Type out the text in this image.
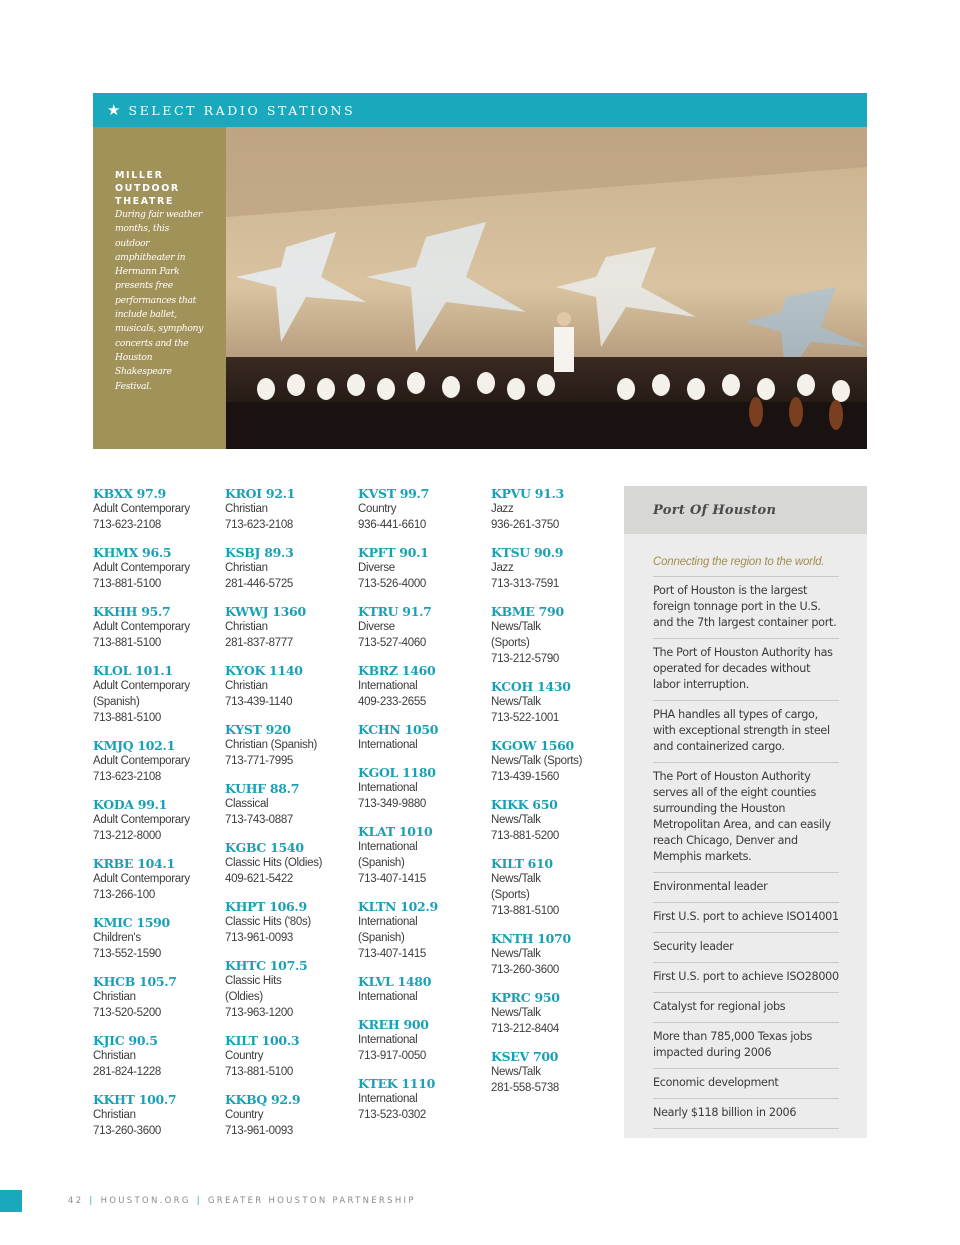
★ SELECT RADIO STATIONS
MILLER OUTDOOR THEATRE
During fair weather months, this outdoor amphitheater in Hermann Park presents free performances that include ballet, musicals, symphony concerts and the Houston Shakespeare Festival.
KBXX 97.9
Adult Contemporary
713-623-2108
KHMX 96.5
Adult Contemporary
713-881-5100
KKHH 95.7
Adult Contemporary
713-881-5100
KLOL 101.1
Adult Contemporary
(Spanish)
713-881-5100
KMJQ 102.1
Adult Contemporary
713-623-2108
KODA 99.1
Adult Contemporary
713-212-8000
KRBE 104.1
Adult Contemporary
713-266-100
KMIC 1590
Children's
713-552-1590
KHCB 105.7
Christian
713-520-5200
KJIC 90.5
Christian
281-824-1228
KKHT 100.7
Christian
713-260-3600
KROI 92.1
Christian
713-623-2108
KSBJ 89.3
Christian
281-446-5725
KWWJ 1360
Christian
281-837-8777
KYOK 1140
Christian
713-439-1140
KYST 920
Christian (Spanish)
713-771-7995
KUHF 88.7
Classical
713-743-0887
KGBC 1540
Classic Hits (Oldies)
409-621-5422
KHPT 106.9
Classic Hits ('80s)
713-961-0093
KHTC 107.5
Classic Hits
(Oldies)
713-963-1200
KILT 100.3
Country
713-881-5100
KKBQ 92.9
Country
713-961-0093
KVST 99.7
Country
936-441-6610
KPFT 90.1
Diverse
713-526-4000
KTRU 91.7
Diverse
713-527-4060
KBRZ 1460
International
409-233-2655
KCHN 1050
International
KGOL 1180
International
713-349-9880
KLAT 1010
International
(Spanish)
713-407-1415
KLTN 102.9
International
(Spanish)
713-407-1415
KLVL 1480
International
KREH 900
International
713-917-0050
KTEK 1110
International
713-523-0302
KPVU 91.3
Jazz
936-261-3750
KTSU 90.9
Jazz
713-313-7591
KBME 790
News/Talk
(Sports)
713-212-5790
KCOH 1430
News/Talk
713-522-1001
KGOW 1560
News/Talk (Sports)
713-439-1560
KIKK 650
News/Talk
713-881-5200
KILT 610
News/Talk
(Sports)
713-881-5100
KNTH 1070
News/Talk
713-260-3600
KPRC 950
News/Talk
713-212-8404
KSEV 700
News/Talk
281-558-5738
Port Of Houston
Connecting the region to the world.
Port of Houston is the largest foreign tonnage port in the U.S. and the 7th largest container port.
The Port of Houston Authority has operated for decades without labor interruption.
PHA handles all types of cargo, with exceptional strength in steel and containerized cargo.
The Port of Houston Authority serves all of the eight counties surrounding the Houston Metropolitan Area, and can easily reach Chicago, Denver and Memphis markets.
Environmental leader
First U.S. port to achieve ISO14001
Security leader
First U.S. port to achieve ISO28000
Catalyst for regional jobs
More than 785,000 Texas jobs impacted during 2006
Economic development
Nearly $118 billion in 2006
42 | HOUSTON.ORG | GREATER HOUSTON PARTNERSHIP
